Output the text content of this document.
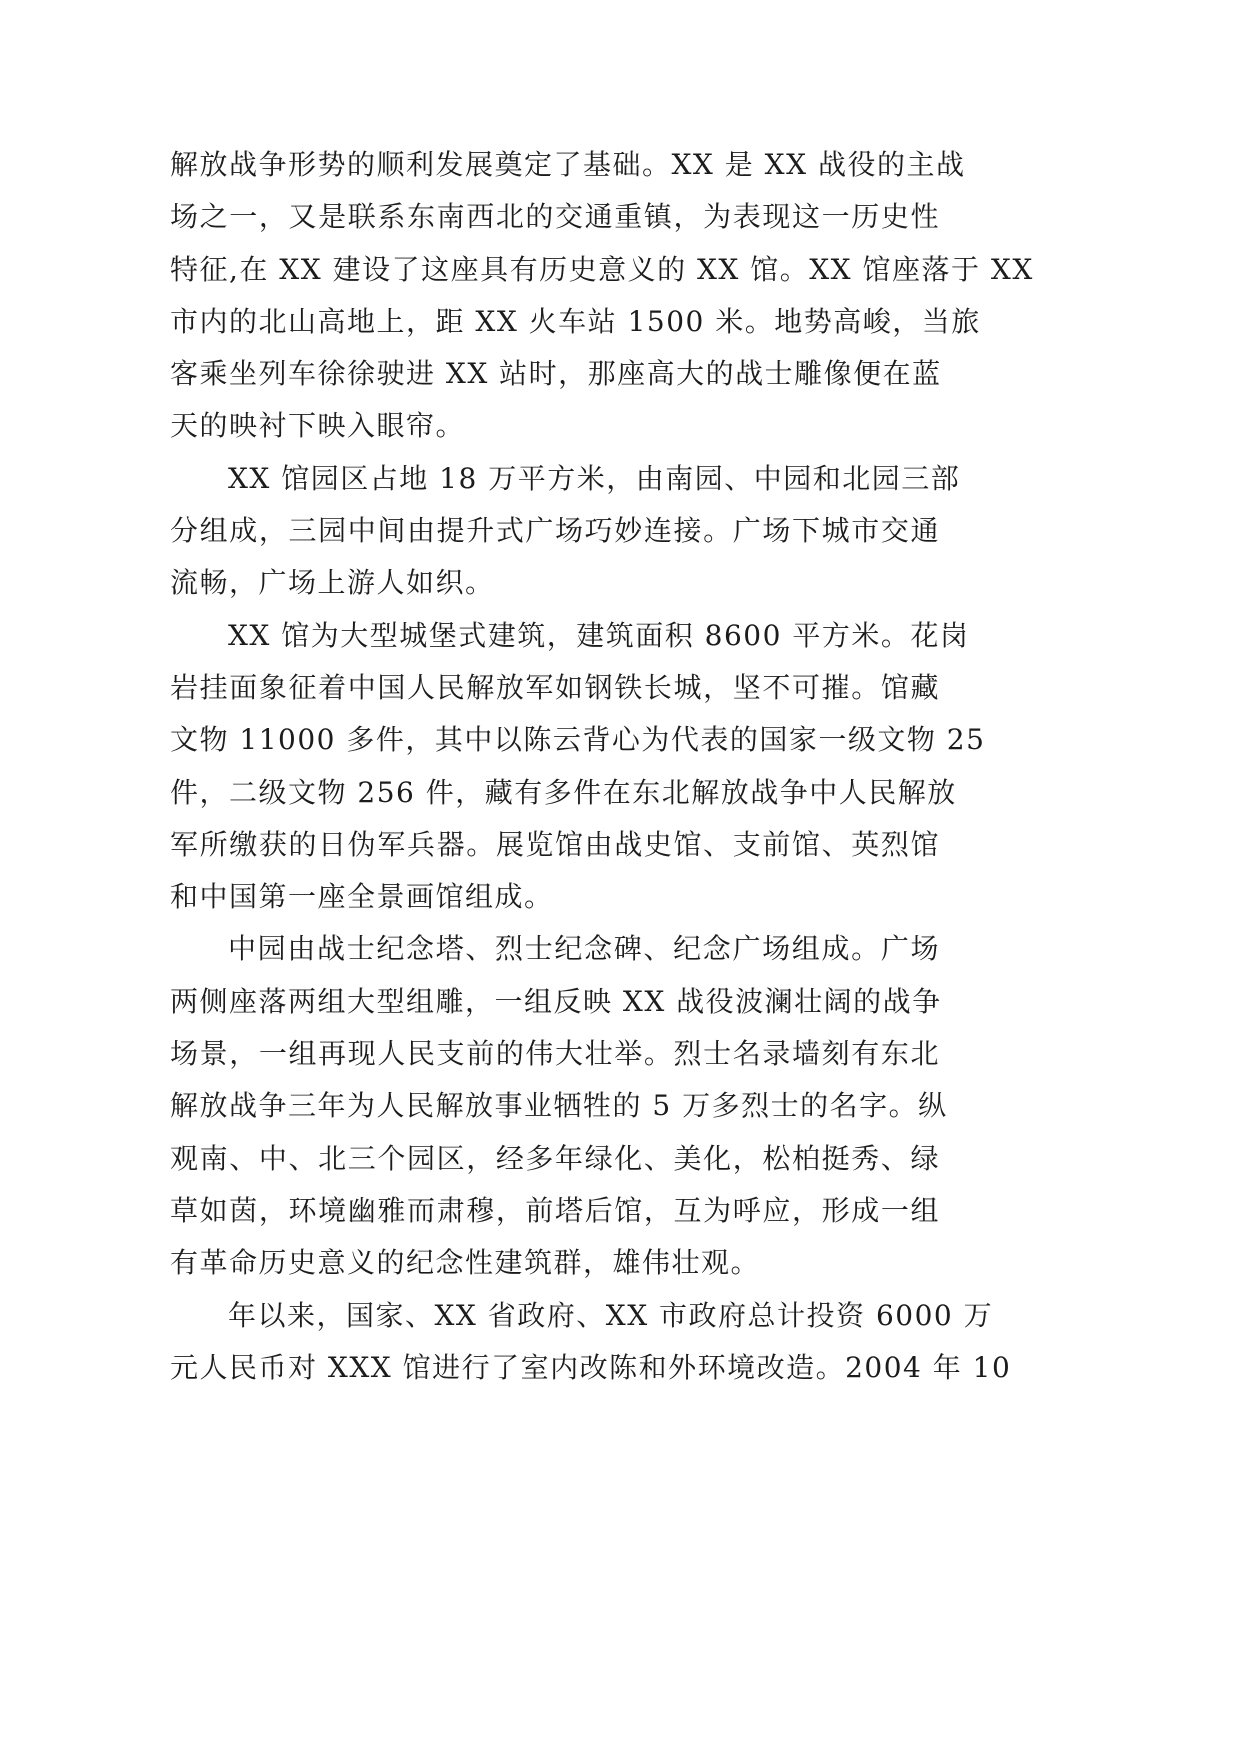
解放战争形势的顺利发展奠定了基础。XX 是 XX 战役的主战
场之一，又是联系东南西北的交通重镇，为表现这一历史性
特征,在 XX 建设了这座具有历史意义的 XX 馆。XX 馆座落于 XX
市内的北山高地上，距 XX 火车站 1500 米。地势高峻，当旅
客乘坐列车徐徐驶进 XX 站时，那座高大的战士雕像便在蓝
天的映衬下映入眼帘。
XX 馆园区占地 18 万平方米，由南园、中园和北园三部
分组成，三园中间由提升式广场巧妙连接。广场下城市交通
流畅，广场上游人如织。
XX 馆为大型城堡式建筑，建筑面积 8600 平方米。花岗
岩挂面象征着中国人民解放军如钢铁长城，坚不可摧。馆藏
文物 11000 多件，其中以陈云背心为代表的国家一级文物 25
件，二级文物 256 件，藏有多件在东北解放战争中人民解放
军所缴获的日伪军兵器。展览馆由战史馆、支前馆、英烈馆
和中国第一座全景画馆组成。
中园由战士纪念塔、烈士纪念碑、纪念广场组成。广场
两侧座落两组大型组雕，一组反映 XX 战役波澜壮阔的战争
场景，一组再现人民支前的伟大壮举。烈士名录墙刻有东北
解放战争三年为人民解放事业牺牲的 5 万多烈士的名字。纵
观南、中、北三个园区，经多年绿化、美化，松柏挺秀、绿
草如茵，环境幽雅而肃穆，前塔后馆，互为呼应，形成一组
有革命历史意义的纪念性建筑群，雄伟壮观。
年以来，国家、XX 省政府、XX 市政府总计投资 6000 万
元人民币对 XXX 馆进行了室内改陈和外环境改造。2004 年 10
